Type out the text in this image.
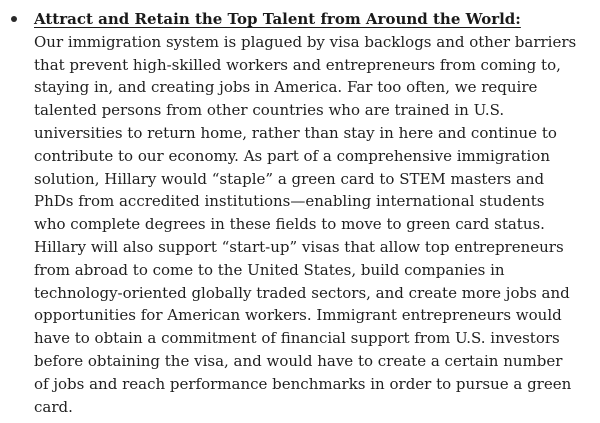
Attract and Retain the Top Talent from Around the World:
Our immigration system is plagued by visa backlogs and other barriers
that prevent high-skilled workers and entrepreneurs from coming to,
staying in, and creating jobs in America. Far too often, we require
talented persons from other countries who are trained in U.S.
universities to return home, rather than stay in here and continue to
contribute to our economy. As part of a comprehensive immigration
solution, Hillary would “staple” a green card to STEM masters and
PhDs from accredited institutions—enabling international students
who complete degrees in these fields to move to green card status.
Hillary will also support “start-up” visas that allow top entrepreneurs
from abroad to come to the United States, build companies in
technology-oriented globally traded sectors, and create more jobs and
opportunities for American workers. Immigrant entrepreneurs would
have to obtain a commitment of financial support from U.S. investors
before obtaining the visa, and would have to create a certain number
of jobs and reach performance benchmarks in order to pursue a green
card.
